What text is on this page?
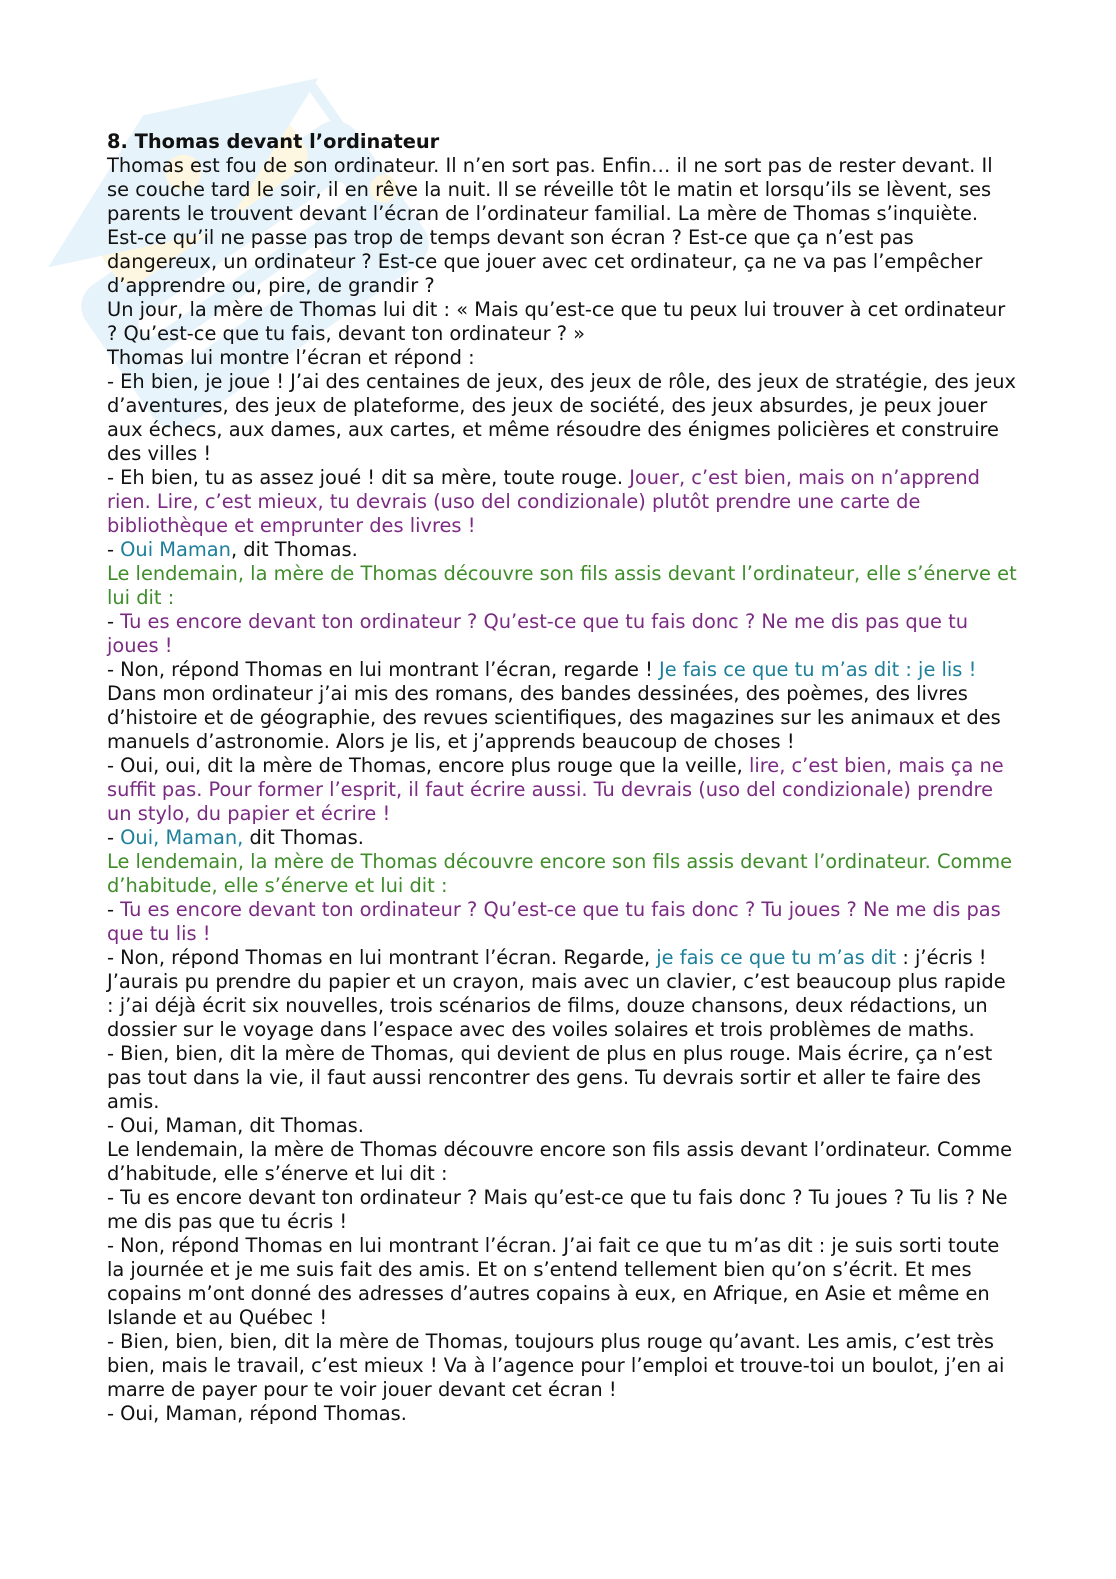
8. Thomas devant l’ordinateur

Thomas est fou de son ordinateur. Il n’en sort pas. Enfin… il ne sort pas de rester devant. Il se couche tard le soir, il en rêve la nuit. Il se réveille tôt le matin et lorsqu’ils se lèvent, ses parents le trouvent devant l’écran de l’ordinateur familial. La mère de Thomas s’inquiète. Est-ce qu’il ne passe pas trop de temps devant son écran ? Est-ce que ça n’est pas dangereux, un ordinateur ? Est-ce que jouer avec cet ordinateur, ça ne va pas l’empêcher d’apprendre ou, pire, de grandir ?

Un jour, la mère de Thomas lui dit : « Mais qu’est-ce que tu peux lui trouver à cet ordinateur ? Qu’est-ce que tu fais, devant ton ordinateur ? »

Thomas lui montre l’écran et répond :

- Eh bien, je joue ! J’ai des centaines de jeux, des jeux de rôle, des jeux de stratégie, des jeux d’aventures, des jeux de plateforme, des jeux de société, des jeux absurdes, je peux jouer aux échecs, aux dames, aux cartes, et même résoudre des énigmes policières et construire des villes !

- Eh bien, tu as assez joué ! dit sa mère, toute rouge. Jouer, c’est bien, mais on n’apprend rien. Lire, c’est mieux, tu devrais (uso del condizionale) plutôt prendre une carte de bibliothèque et emprunter des livres !

- Oui Maman, dit Thomas.

Le lendemain, la mère de Thomas découvre son fils assis devant l’ordinateur, elle s’énerve et lui dit :

- Tu es encore devant ton ordinateur ? Qu’est-ce que tu fais donc ? Ne me dis pas que tu joues !

- Non, répond Thomas en lui montrant l’écran, regarde ! Je fais ce que tu m’as dit : je lis ! Dans mon ordinateur j’ai mis des romans, des bandes dessinées, des poèmes, des livres d’histoire et de géographie, des revues scientifiques, des magazines sur les animaux et des manuels d’astronomie. Alors je lis, et j’apprends beaucoup de choses !

- Oui, oui, dit la mère de Thomas, encore plus rouge que la veille, lire, c’est bien, mais ça ne suffit pas. Pour former l’esprit, il faut écrire aussi. Tu devrais (uso del condizionale) prendre un stylo, du papier et écrire !

- Oui, Maman, dit Thomas.

Le lendemain, la mère de Thomas découvre encore son fils assis devant l’ordinateur. Comme d’habitude, elle s’énerve et lui dit :

- Tu es encore devant ton ordinateur ? Qu’est-ce que tu fais donc ? Tu joues ? Ne me dis pas que tu lis !

- Non, répond Thomas en lui montrant l’écran. Regarde, je fais ce que tu m’as dit : j’écris ! J’aurais pu prendre du papier et un crayon, mais avec un clavier, c’est beaucoup plus rapide : j’ai déjà écrit six nouvelles, trois scénarios de films, douze chansons, deux rédactions, un dossier sur le voyage dans l’espace avec des voiles solaires et trois problèmes de maths.

- Bien, bien, dit la mère de Thomas, qui devient de plus en plus rouge. Mais écrire, ça n’est pas tout dans la vie, il faut aussi rencontrer des gens. Tu devrais sortir et aller te faire des amis.

- Oui, Maman, dit Thomas.

Le lendemain, la mère de Thomas découvre encore son fils assis devant l’ordinateur. Comme d’habitude, elle s’énerve et lui dit :

- Tu es encore devant ton ordinateur ? Mais qu’est-ce que tu fais donc ? Tu joues ? Tu lis ? Ne me dis pas que tu écris !

- Non, répond Thomas en lui montrant l’écran. J’ai fait ce que tu m’as dit : je suis sorti toute la journée et je me suis fait des amis. Et on s’entend tellement bien qu’on s’écrit. Et mes copains m’ont donné des adresses d’autres copains à eux, en Afrique, en Asie et même en Islande et au Québec !

- Bien, bien, bien, dit la mère de Thomas, toujours plus rouge qu’avant. Les amis, c’est très bien, mais le travail, c’est mieux ! Va à l’agence pour l’emploi et trouve-toi un boulot, j’en ai marre de payer pour te voir jouer devant cet écran !

- Oui, Maman, répond Thomas.
